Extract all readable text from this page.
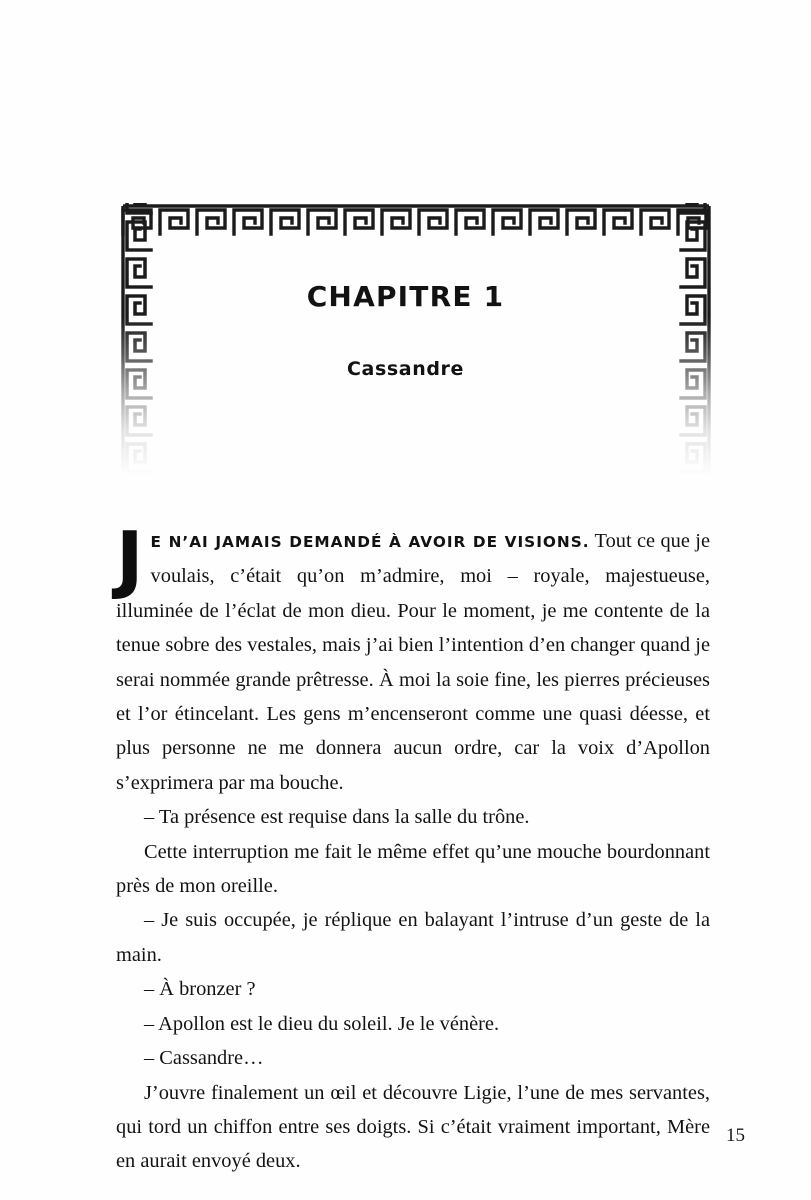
CHAPITRE 1
Cassandre

J E N’AI JAMAIS DEMANDÉ À AVOIR DE VISIONS. Tout ce que je voulais, c’était qu’on m’admire, moi – royale, majestueuse, illuminée de l’éclat de mon dieu. Pour le moment, je me contente de la tenue sobre des vestales, mais j’ai bien l’intention d’en changer quand je serai nommée grande prêtresse. À moi la soie fine, les pierres précieuses et l’or étincelant. Les gens m’encenseront comme une quasi déesse, et plus personne ne me donnera aucun ordre, car la voix d’Apollon s’exprimera par ma bouche.

– Ta présence est requise dans la salle du trône.

Cette interruption me fait le même effet qu’une mouche bourdonnant près de mon oreille.

– Je suis occupée, je réplique en balayant l’intruse d’un geste de la main.

– À bronzer ?

– Apollon est le dieu du soleil. Je le vénère.

– Cassandre…

J’ouvre finalement un œil et découvre Ligie, l’une de mes servantes, qui tord un chiffon entre ses doigts. Si c’était vraiment important, Mère en aurait envoyé deux.

15
